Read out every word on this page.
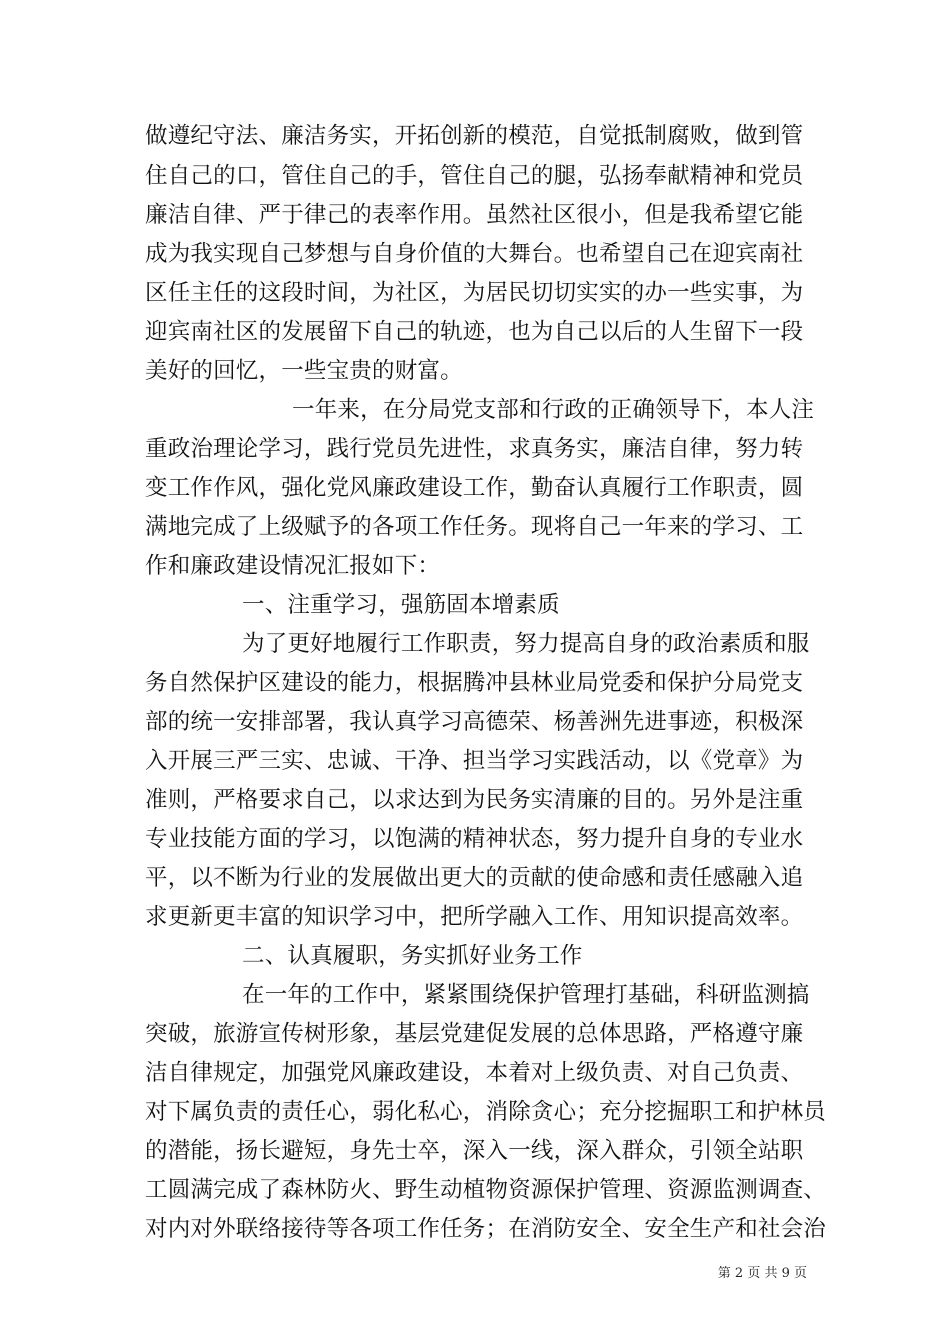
做遵纪守法、廉洁务实，开拓创新的模范，自觉抵制腐败，做到管
住自己的口，管住自己的手，管住自己的腿，弘扬奉献精神和党员
廉洁自律、严于律己的表率作用。虽然社区很小，但是我希望它能
成为我实现自己梦想与自身价值的大舞台。也希望自己在迎宾南社
区任主任的这段时间，为社区，为居民切切实实的办一些实事，为
迎宾南社区的发展留下自己的轨迹，也为自己以后的人生留下一段
美好的回忆，一些宝贵的财富。
一年来，在分局党支部和行政的正确领导下，本人注
重政治理论学习，践行党员先进性，求真务实，廉洁自律，努力转
变工作作风，强化党风廉政建设工作，勤奋认真履行工作职责，圆
满地完成了上级赋予的各项工作任务。现将自己一年来的学习、工
作和廉政建设情况汇报如下：
一、注重学习，强筋固本增素质
为了更好地履行工作职责，努力提高自身的政治素质和服
务自然保护区建设的能力，根据腾冲县林业局党委和保护分局党支
部的统一安排部署，我认真学习高德荣、杨善洲先进事迹，积极深
入开展三严三实、忠诚、干净、担当学习实践活动，以《党章》为
准则，严格要求自己，以求达到为民务实清廉的目的。另外是注重
专业技能方面的学习，以饱满的精神状态，努力提升自身的专业水
平，以不断为行业的发展做出更大的贡献的使命感和责任感融入追
求更新更丰富的知识学习中，把所学融入工作、用知识提高效率。
二、认真履职，务实抓好业务工作
在一年的工作中，紧紧围绕保护管理打基础，科研监测搞
突破，旅游宣传树形象，基层党建促发展的总体思路，严格遵守廉
洁自律规定，加强党风廉政建设，本着对上级负责、对自己负责、
对下属负责的责任心，弱化私心，消除贪心；充分挖掘职工和护林员
的潜能，扬长避短，身先士卒，深入一线，深入群众，引领全站职
工圆满完成了森林防火、野生动植物资源保护管理、资源监测调查、
对内对外联络接待等各项工作任务；在消防安全、安全生产和社会治
第 2 页 共 9 页
